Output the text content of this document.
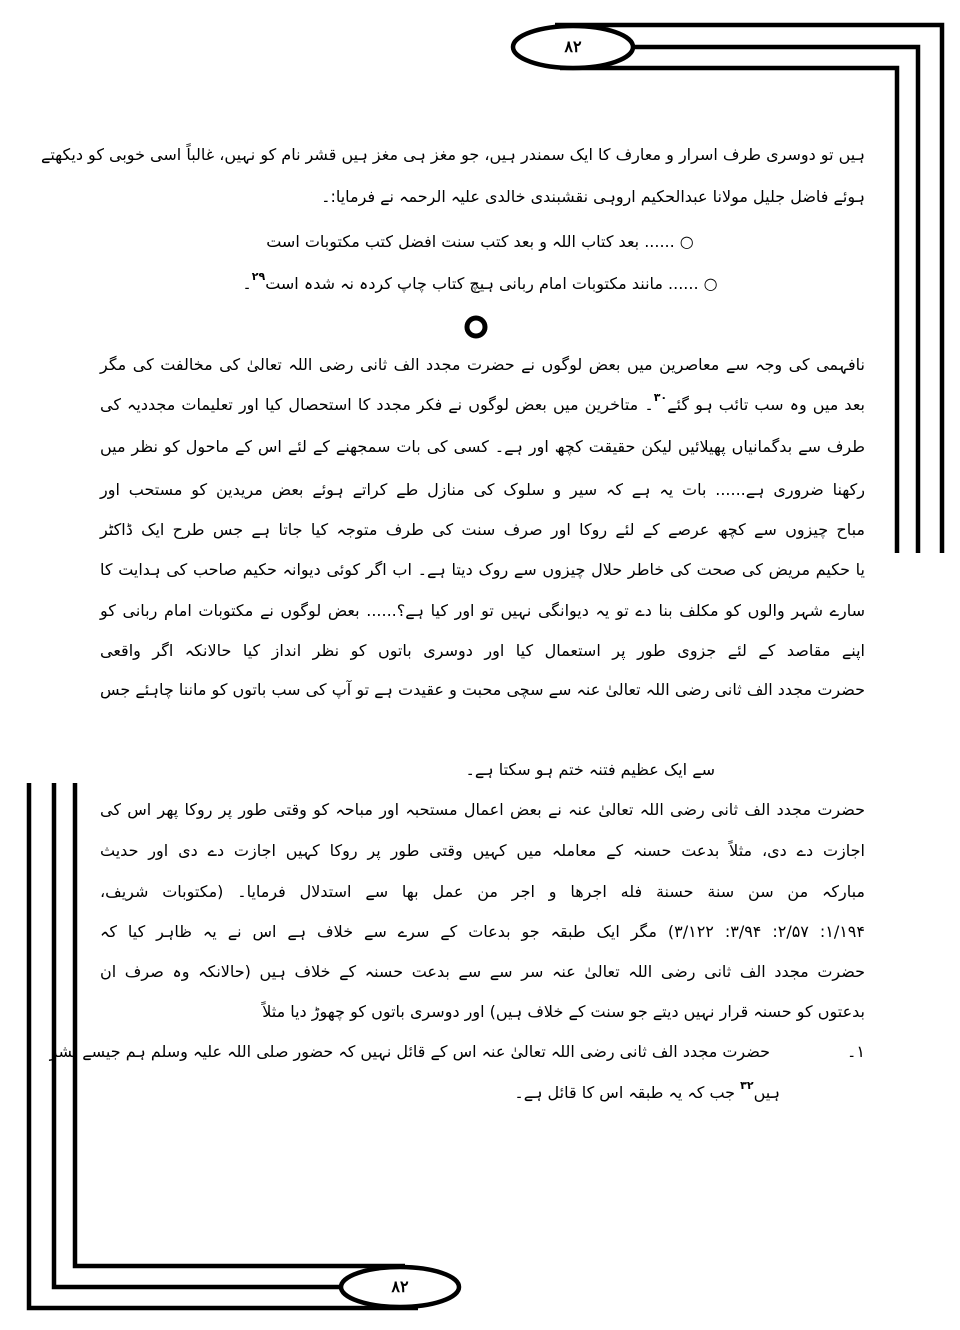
۸۲
۸۲
ہیں تو دوسری طرف اسرار و معارف کا ایک سمندر ہیں، جو مغز ہی مغز ہیں قشر نام کو نہیں، غالباً اسی خوبی کو دیکھتے
ہوئے فاضل جلیل مولانا عبدالحکیم اروہی نقشبندی خالدی علیہ الرحمہ نے فرمایا:۔
○ ...... بعد کتاب اللہ و بعد کتب سنت افضل کتب مکتوبات است
○ ...... مانند مکتوبات امام ربانی ہیچ کتاب چاپ کردہ نہ شدہ است$^{۲۹}$۔
نافہمی کی وجہ سے معاصرین میں بعض لوگوں نے حضرت مجدد الف ثانی رضی اللہ تعالیٰ کی مخالفت کی مگر
بعد میں وہ سب تائب ہو گئے$^{۳۰}$۔ متاخرین میں بعض لوگوں نے فکر مجدد کا استحصال کیا اور تعلیمات مجددیہ کی
طرف سے بدگمانیاں پھیلائیں لیکن حقیقت کچھ اور ہے۔ کسی کی بات سمجھنے کے لئے اس کے ماحول کو نظر میں
رکھنا ضروری ہے...... بات یہ ہے کہ سیر و سلوک کی منازل طے کراتے ہوئے بعض مریدین کو مستحب اور
مباح چیزوں سے کچھ عرصے کے لئے روکا اور صرف سنت کی طرف متوجہ کیا جاتا ہے جس طرح ایک ڈاکٹر
یا حکیم مریض کی صحت کی خاطر حلال چیزوں سے روک دیتا ہے۔ اب اگر کوئی دیوانہ حکیم صاحب کی ہدایت کا
سارے شہر والوں کو مکلف بنا دے تو یہ دیوانگی نہیں تو اور کیا ہے؟...... بعض لوگوں نے مکتوبات امام ربانی کو
اپنے مقاصد کے لئے جزوی طور پر استعمال کیا اور دوسری باتوں کو نظر انداز کیا حالانکہ اگر واقعی
حضرت مجدد الف ثانی رضی اللہ تعالیٰ عنہ سے سچی محبت و عقیدت ہے تو آپ کی سب باتوں کو ماننا چاہئے جس
سے ایک عظیم فتنہ ختم ہو سکتا ہے۔
حضرت مجدد الف ثانی رضی اللہ تعالیٰ عنہ نے بعض اعمال مستحبہ اور مباحہ کو وقتی طور پر روکا پھر اس کی
اجازت دے دی، مثلاً بدعت حسنہ کے معاملہ میں کہیں وقتی طور پر روکا کہیں اجازت دے دی اور حدیث
مبارکہ من سن سنة حسنة فله اجرها و اجر من عمل بها سے استدلال فرمایا۔ (مکتوبات شریف،
۱/۱۹۴: ۲/۵۷: ۳/۹۴: ۳/۱۲۲) مگر ایک طبقہ جو بدعات کے سرے سے خلاف ہے اس نے یہ ظاہر کیا کہ
حضرت مجدد الف ثانی رضی اللہ تعالیٰ عنہ سر سے سے بدعت حسنہ کے خلاف ہیں (حالانکہ وہ صرف ان
بدعتوں کو حسنہ قرار نہیں دیتے جو سنت کے خلاف ہیں) اور دوسری باتوں کو چھوڑ دیا مثلاً
۱۔
حضرت مجدد الف ثانی رضی اللہ تعالیٰ عنہ اس کے قائل نہیں کہ حضور صلی اللہ علیہ وسلم ہم جیسے بشر
ہیں$^{۳۲}$ جب کہ یہ طبقہ اس کا قائل ہے۔
